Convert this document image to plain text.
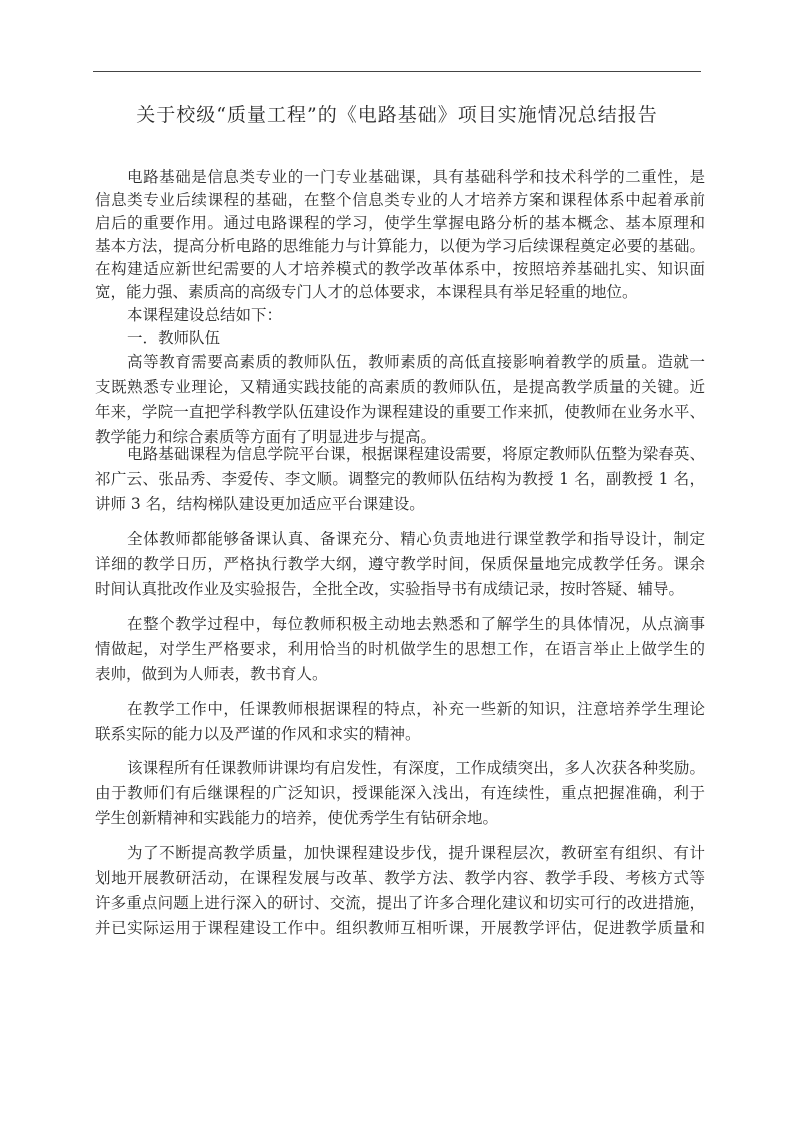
关于校级“质量工程”的《电路基础》项目实施情况总结报告
电路基础是信息类专业的一门专业基础课，具有基础科学和技术科学的二重性，是
信息类专业后续课程的基础，在整个信息类专业的人才培养方案和课程体系中起着承前
启后的重要作用。通过电路课程的学习，使学生掌握电路分析的基本概念、基本原理和
基本方法，提高分析电路的思维能力与计算能力，以便为学习后续课程奠定必要的基础。
在构建适应新世纪需要的人才培养模式的教学改革体系中，按照培养基础扎实、知识面
宽，能力强、素质高的高级专门人才的总体要求，本课程具有举足轻重的地位。
本课程建设总结如下：
一．教师队伍
高等教育需要高素质的教师队伍，教师素质的高低直接影响着教学的质量。造就一
支既熟悉专业理论，又精通实践技能的高素质的教师队伍，是提高教学质量的关键。近
年来，学院一直把学科教学队伍建设作为课程建设的重要工作来抓，使教师在业务水平、
教学能力和综合素质等方面有了明显进步与提高。
电路基础课程为信息学院平台课，根据课程建设需要，将原定教师队伍整为梁春英、
祁广云、张品秀、李爱传、李文顺。调整完的教师队伍结构为教授 1 名，副教授 1 名，
讲师 3 名，结构梯队建设更加适应平台课建设。
全体教师都能够备课认真、备课充分、精心负责地进行课堂教学和指导设计，制定
详细的教学日历，严格执行教学大纲，遵守教学时间，保质保量地完成教学任务。课余
时间认真批改作业及实验报告，全批全改，实验指导书有成绩记录，按时答疑、辅导。
在整个教学过程中，每位教师积极主动地去熟悉和了解学生的具体情况，从点滴事
情做起，对学生严格要求，利用恰当的时机做学生的思想工作，在语言举止上做学生的
表帅，做到为人师表，教书育人。
在教学工作中，任课教师根据课程的特点，补充一些新的知识，注意培养学生理论
联系实际的能力以及严谨的作风和求实的精神。
该课程所有任课教师讲课均有启发性，有深度，工作成绩突出，多人次获各种奖励。
由于教师们有后继课程的广泛知识，授课能深入浅出，有连续性，重点把握准确，利于
学生创新精神和实践能力的培养，使优秀学生有钻研余地。
为了不断提高教学质量，加快课程建设步伐，提升课程层次，教研室有组织、有计
划地开展教研活动，在课程发展与改革、教学方法、教学内容、教学手段、考核方式等
许多重点问题上进行深入的研讨、交流，提出了许多合理化建议和切实可行的改进措施，
并已实际运用于课程建设工作中。组织教师互相听课，开展教学评估，促进教学质量和
